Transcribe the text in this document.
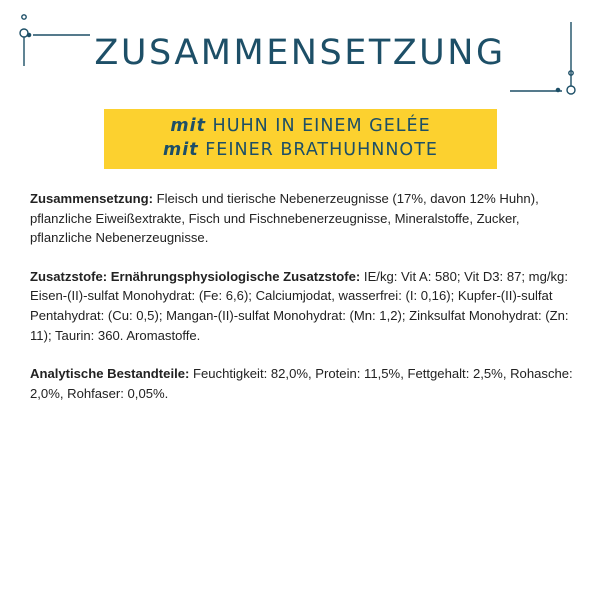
ZUSAMMENSETZUNG
mit HUHN IN EINEM GELÉE
mit FEINER BRATHUHNNOTE

Zusammensetzung: Fleisch und tierische Nebenerzeugnisse (17%, davon 12% Huhn), pflanzliche Eiweißextrakte, Fisch und Fischnebenerzeugnisse, Mineralstoffe, Zucker, pflanzliche Nebenerzeugnisse.

Zusatzstofe: Ernährungsphysiologische Zusatzstofe: IE/kg: Vit A: 580; Vit D3: 87; mg/kg: Eisen-(II)-sulfat Monohydrat: (Fe: 6,6); Calciumjodat, wasserfrei: (I: 0,16); Kupfer-(II)-sulfat Pentahydrat: (Cu: 0,5); Mangan-(II)-sulfat Monohydrat: (Mn: 1,2); Zinksulfat Monohydrat: (Zn: 11); Taurin: 360. Aromastoffe.

Analytische Bestandteile: Feuchtigkeit: 82,0%, Protein: 11,5%, Fettgehalt: 2,5%, Rohasche: 2,0%, Rohfaser: 0,05%.
